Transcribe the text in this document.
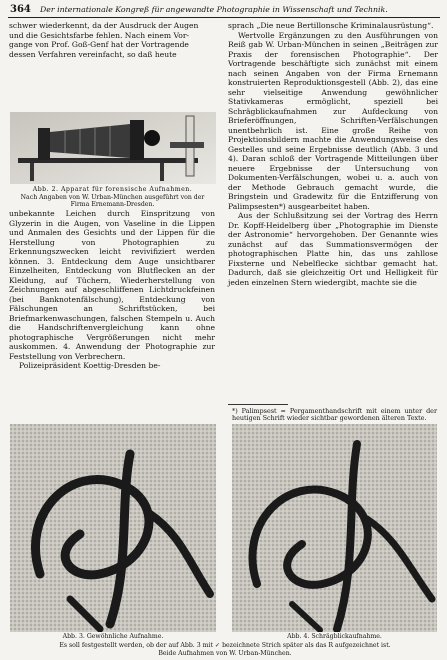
364 Der internationale Kongreß für angewandte Photographie in Wissenschaft und Technik.

schwer wiederkennt, da der Ausdruck der Augen

und die Gesichtsfarbe fehlen. Nach einem Vor-

gange von Prof. Goß-Genf hat der Vortragende

dessen Verfahren vereinfacht, so daß heute

Abb. 2. Apparat für forensische Aufnahmen.
Nach Angaben von W. Urban-München ausgeführt von der
Firma Ernemann-Dresden.

unbekannte Leichen durch Einspritzung von Glyzerin in die Augen, von Vaseline in die Lippen und Anmalen des Gesichts und der Lippen für die Herstellung von Photographien zu Erkennungszwecken leicht revivifiziert werden können. 3. Entdeckung dem Auge unsichtbarer Einzelheiten, Entdeckung von Blutflecken an der Kleidung, auf Tüchern, Wiederherstellung von Zeichnungen auf abgeschliffenen Lichtdruckfeinen (bei Banknotenfälschung), Entdeckung von Fälschungen an Schriftstücken, bei Briefmarkenwaschungen, falschen Stempeln u. Auch die Handschriftenvergleichung kann ohne photographische Vergrößerungen nicht mehr auskommen. 4. Anwendung der Photographie zur Feststellung von Verbrechern.

Polizeipräsident Koettig-Dresden be-

sprach „Die neue Bertillonsche Kriminalausrüstung“.

Wertvolle Ergänzungen zu den Ausführungen von Reiß gab W. Urban-München in seinen „Beiträgen zur Praxis der forensischen Photographie“. Der Vortragende beschäftigte sich zunächst mit einem nach seinen Angaben von der Firma Ernemann konstruierten Reproduktionsgestell (Abb. 2), das eine sehr vielseitige Anwendung gewöhnlicher Stativkameras ermöglicht, speziell bei Schrägblickaufnahmen zur Aufdeckung von Brieferöffnungen, Schriften-Verfälschungen unentbehrlich ist. Eine große Reihe von Projektionsbildern machte die Anwendungsweise des Gestelles und seine Ergebnisse deutlich (Abb. 3 und 4). Daran schloß der Vortragende Mitteilungen über neuere Ergebnisse der Untersuchung von Dokumenten-Verfälschungen, wobei u. a. auch von der Methode Gebrauch gemacht wurde, die Bringstein und Gradewitz für die Entzifferung von Palimpsesten*) ausgearbeitet haben.

Aus der Schlußsitzung sei der Vortrag des Herrn Dr. Kopff-Heidelberg über „Photographie im Dienste der Astronomie“ hervorgehoben. Der Genannte wies zunächst auf das Summationsvermögen der photographischen Platte hin, das uns zahllose Fixsterne und Nebelflecke sichtbar gemacht hat. Dadurch, daß sie gleichzeitig Ort und Helligkeit für jeden einzelnen Stern wiedergibt, machte sie die

*) Palimpsest = Pergamenthandschrift mit einem unter der heutigen Schrift wieder sichtbar gewordenen älteren Texte.
Abb. 3. Gewöhnliche Aufnahme.	Abb. 4. Schrägblickaufnahme.
Es soll festgestellt werden, ob der auf Abb. 3 mit ✓ bezeichnete Strich später als das R aufgezeichnet ist.
Beide Aufnahmen von W. Urban-München.
